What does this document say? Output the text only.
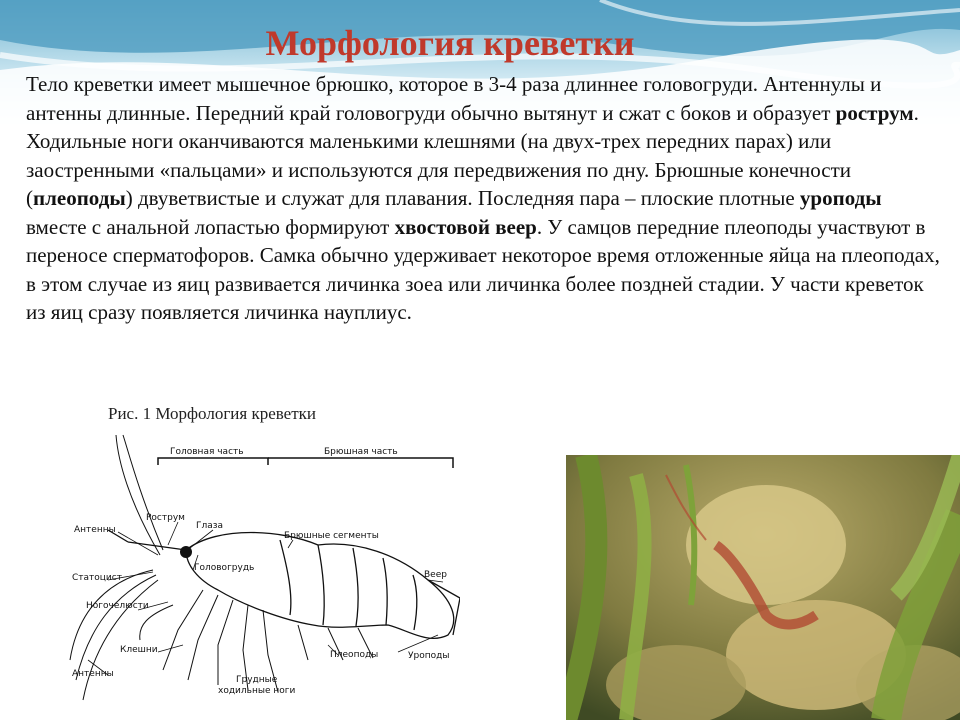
Морфология креветки

Тело креветки имеет мышечное брюшко, которое в 3-4 раза длиннее головогруди. Антеннулы и антенны длинные. Передний край головогруди обычно вытянут и сжат с боков и образует рострум. Ходильные ноги оканчиваются маленькими клешнями (на двух-трех передних парах) или заостренными «пальцами» и используются для передвижения по дну. Брюшные конечности (плеоподы) двуветвистые и служат для плавания. Последняя пара – плоские плотные уроподы вместе с анальной лопастью формируют хвостовой веер. У самцов передние плеоподы участвуют в переносе сперматофоров. Самка обычно удерживает некоторое время отложенные яйца на плеоподах, в этом случае из яиц развивается личинка зоеа или личинка более поздней стадии. У части креветок из яиц сразу появляется личинка науплиус.

Рис. 1 Морфология креветки
Головная часть	Брюшная часть
Рострум
Глаза
Антенны
Статоцист
Головогрудь
Брюшные сегменты
Веер
Ногочелюсти
Клешни
Антенны
Плеоподы	Уроподы
Грудные
ходильные ноги
